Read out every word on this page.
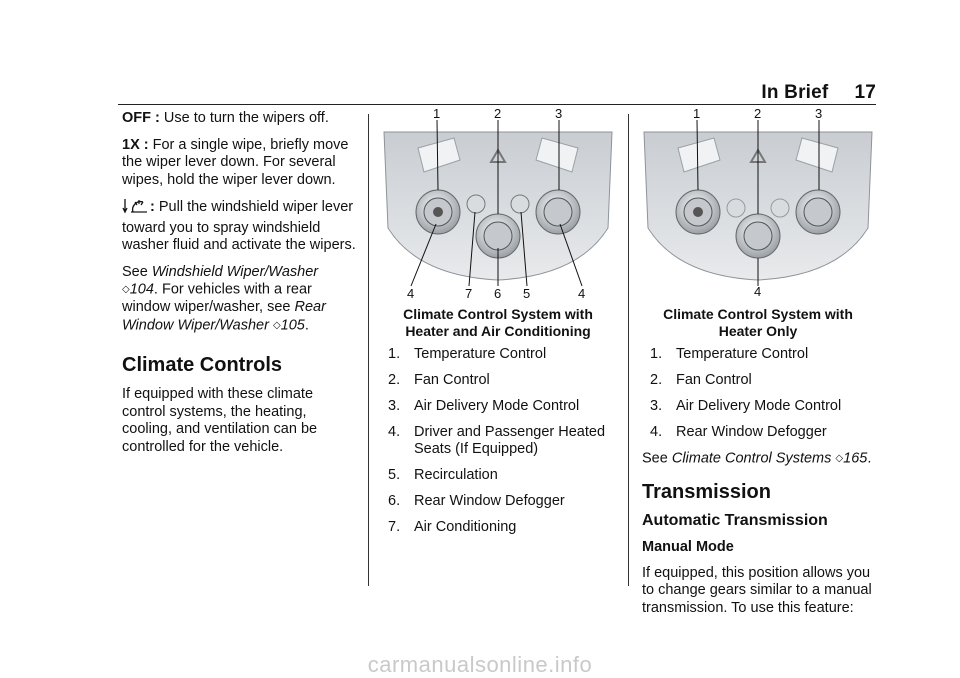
In Brief 17

OFF : Use to turn the wipers off.

1X : For a single wipe, briefly move the wiper lever down. For several wipes, hold the wiper lever down.

: Pull the windshield wiper lever toward you to spray windshield washer fluid and activate the wipers.

See Windshield Wiper/Washer ◇104. For vehicles with a rear window wiper/washer, see Rear Window Wiper/Washer ◇105.

Climate Controls

If equipped with these climate control systems, the heating, cooling, and ventilation can be controlled for the vehicle.

1	2	3
4	7 6 5	4
Climate Control System with
Heater and Air Conditioning
1. Temperature Control
2. Fan Control
3. Air Delivery Mode Control
4. Driver and Passenger Heated Seats (If Equipped)
5. Recirculation
6. Rear Window Defogger
7. Air Conditioning
1	2	3
4
Climate Control System with
Heater Only
1. Temperature Control
2. Fan Control
3. Air Delivery Mode Control
4. Rear Window Defogger

See Climate Control Systems ◇165.

Transmission
Automatic Transmission
Manual Mode

If equipped, this position allows you to change gears similar to a manual transmission. To use this feature:

carmanualsonline.info
